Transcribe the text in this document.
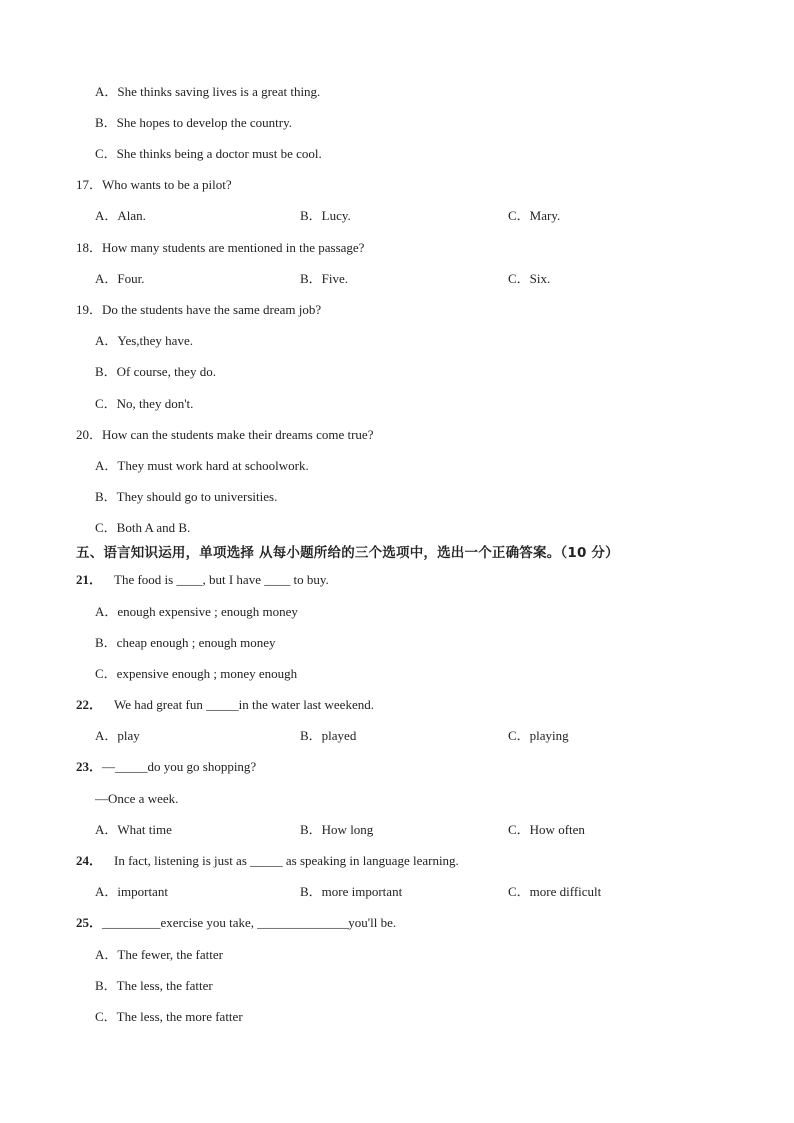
A．She thinks saving lives is a great thing.
B．She hopes to develop the country.
C．She thinks being a doctor must be cool.
17．Who wants to be a pilot?
A．Alan.	B．Lucy.	C．Mary.
18．How many students are mentioned in the passage?
A．Four.	B．Five.	C．Six.
19．Do the students have the same dream job?
A．Yes,they have.
B．Of course, they do.
C．No, they don't.
20．How can the students make their dreams come true?
A．They must work hard at schoolwork.
B．They should go to universities.
C．Both A and B.
五、语言知识运用，单项选择 从每小题所给的三个选项中，选出一个正确答案。（10 分）
21． The food is ____, but I have ____ to buy.
A．enough expensive ; enough money
B．cheap enough ; enough money
C．expensive enough ; money enough
22． We had great fun _____in the water last weekend.
A．play	B．played	C．playing
23．—_____do you go shopping?
—Once a week.
A．What time	B．How long	C．How often
24． In fact, listening is just as _____ as speaking in language learning.
A．important	B．more important	C．more difficult
25．_________exercise you take, ______________you'll be.
A．The fewer, the fatter
B．The less, the fatter
C．The less, the more fatter
